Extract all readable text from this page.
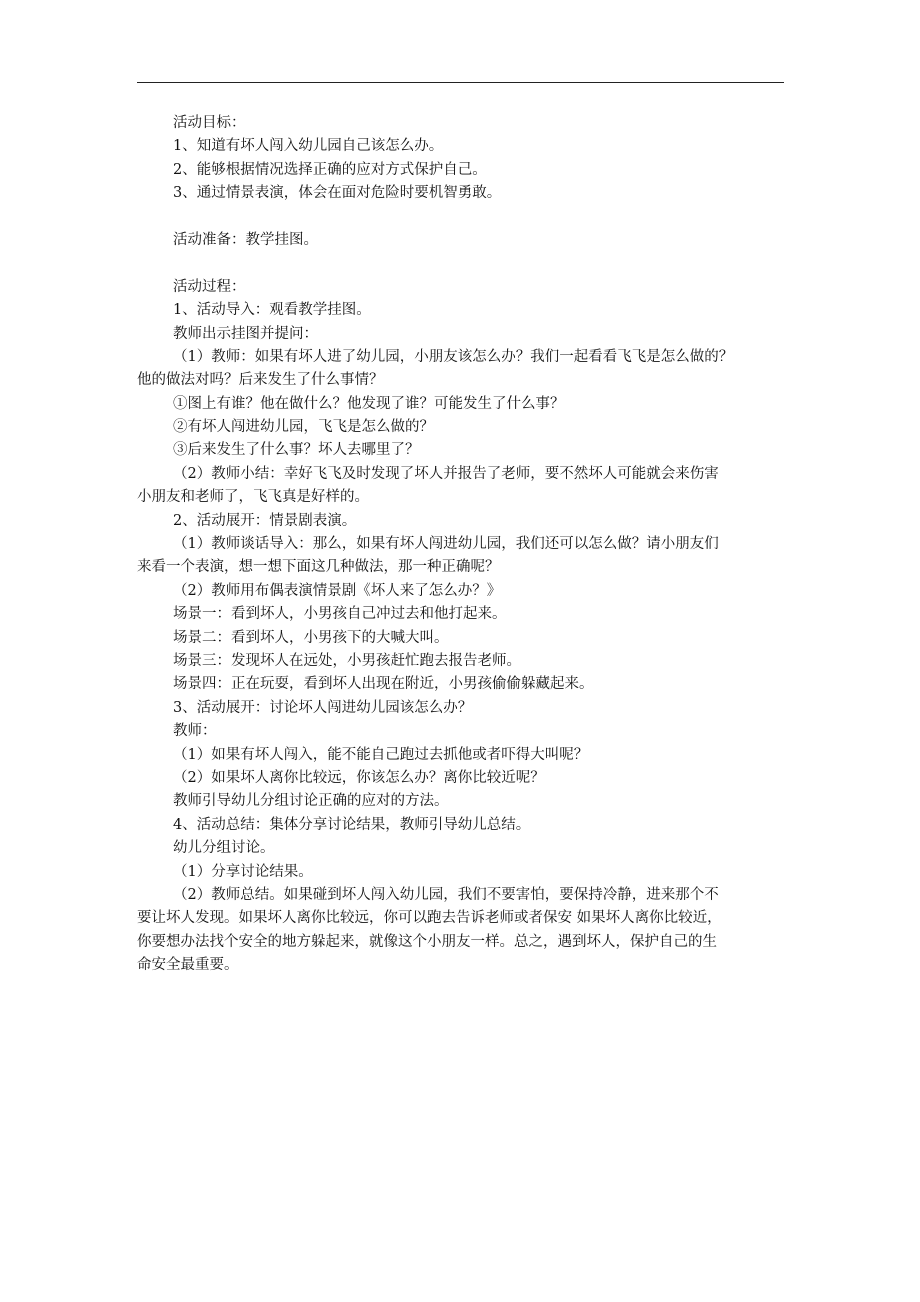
活动目标：
1、知道有坏人闯入幼儿园自己该怎么办。
2、能够根据情况选择正确的应对方式保护自己。
3、通过情景表演，体会在面对危险时要机智勇敢。
活动准备：教学挂图。
活动过程：
1、活动导入：观看教学挂图。
教师出示挂图并提问：
（1）教师：如果有坏人进了幼儿园，小朋友该怎么办？我们一起看看飞飞是怎么做的？
他的做法对吗？后来发生了什么事情？
①图上有谁？他在做什么？他发现了谁？可能发生了什么事？
②有坏人闯进幼儿园，飞飞是怎么做的？
③后来发生了什么事？坏人去哪里了？
（2）教师小结：幸好飞飞及时发现了坏人并报告了老师，要不然坏人可能就会来伤害
小朋友和老师了，飞飞真是好样的。
2、活动展开：情景剧表演。
（1）教师谈话导入：那么，如果有坏人闯进幼儿园，我们还可以怎么做？请小朋友们
来看一个表演，想一想下面这几种做法，那一种正确呢？
（2）教师用布偶表演情景剧《坏人来了怎么办？》
场景一：看到坏人，小男孩自己冲过去和他打起来。
场景二：看到坏人，小男孩下的大喊大叫。
场景三：发现坏人在远处，小男孩赶忙跑去报告老师。
场景四：正在玩耍，看到坏人出现在附近，小男孩偷偷躲藏起来。
3、活动展开：讨论坏人闯进幼儿园该怎么办？
教师：
（1）如果有坏人闯入，能不能自己跑过去抓他或者吓得大叫呢？
（2）如果坏人离你比较远，你该怎么办？离你比较近呢？
教师引导幼儿分组讨论正确的应对的方法。
4、活动总结：集体分享讨论结果，教师引导幼儿总结。
幼儿分组讨论。
（1）分享讨论结果。
（2）教师总结。如果碰到坏人闯入幼儿园，我们不要害怕，要保持冷静，进来那个不
要让坏人发现。如果坏人离你比较远，你可以跑去告诉老师或者保安 如果坏人离你比较近，
你要想办法找个安全的地方躲起来，就像这个小朋友一样。总之，遇到坏人，保护自己的生
命安全最重要。
